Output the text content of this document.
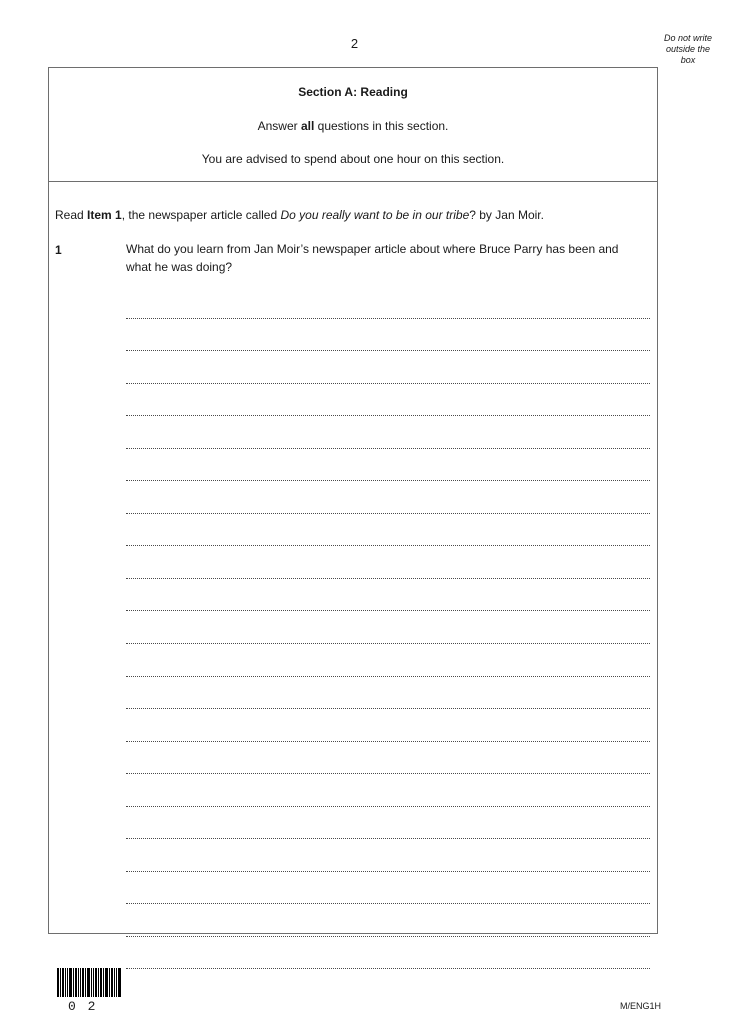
2	Do not write
outside the
box
Section A: Reading
Answer all questions in this section.
You are advised to spend about one hour on this section.
Read Item 1, the newspaper article called Do you really want to be in our tribe? by Jan Moir.
1	What do you learn from Jan Moir’s newspaper article about where Bruce Parry has been and what he was doing?
0 2	M/ENG1H
